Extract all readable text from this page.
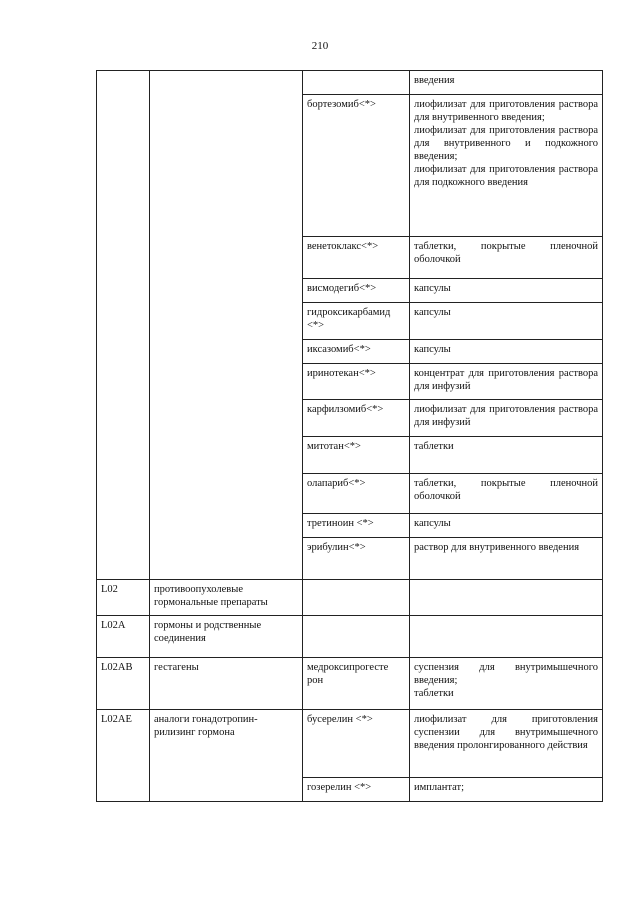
210

			введения

		бортезомиб<*>	лиофилизат для приготовления раствора для внутривенного введения;
лиофилизат для приготовления раствора для внутривенного и подкожного введения;
лиофилизат для приготовления раствора для подкожного введения

		венетоклакс<*>	таблетки, покрытые пленочной оболочкой

		висмодегиб<*>	капсулы

		гидроксикарбамид <*>	капсулы

		иксазомиб<*>	капсулы

		иринотекан<*>	концентрат для приготовления раствора для инфузий

		карфилзомиб<*>	лиофилизат для приготовления раствора для инфузий

		митотан<*>	таблетки

		олапариб<*>	таблетки, покрытые пленочной оболочкой

		третиноин <*>	капсулы

		эрибулин<*>	раствор для внутривенного введения

L02	противоопухолевые гормональные препараты		
L02A	гормоны и родственные соединения		
L02AB	гестагены	медроксипрогесте рон	суспензия для внутримышечного введения;
таблетки

L02AE	аналоги гонадотропин-рилизинг гормона	бусерелин <*>	лиофилизат для приготовления суспензии для внутримышечного введения пролонгированного действия

		гозерелин <*>	имплантат;
